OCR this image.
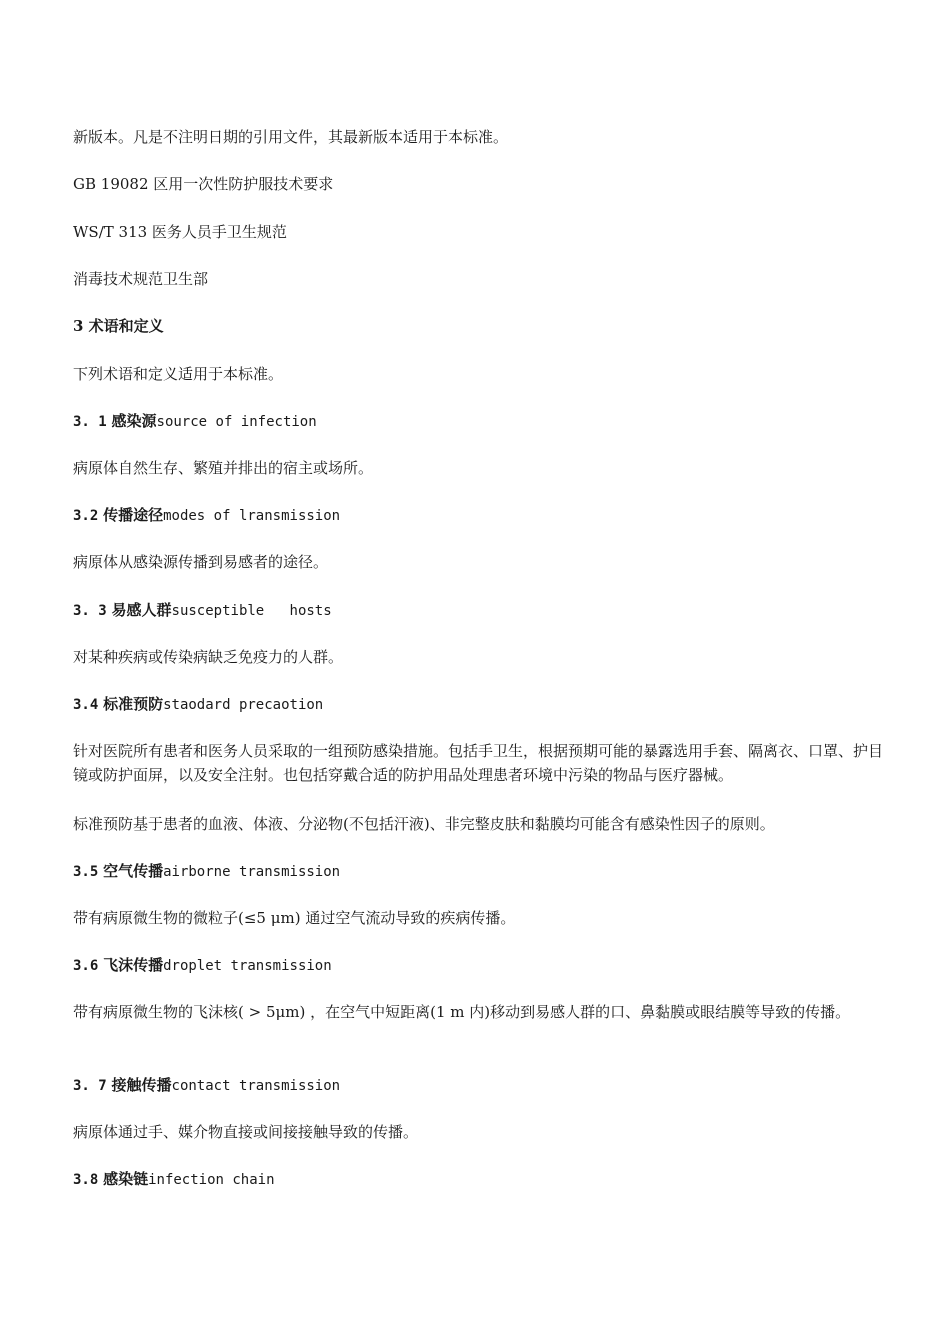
新版本。凡是不注明日期的引用文件，其最新版本适用于本标准。
GB 19082 区用一次性防护服技术要求
WS/T 313 医务人员手卫生规范
消毒技术规范卫生部
3 术语和定义
下列术语和定义适用于本标准。
3. 1 感染源source of infection
病原体自然生存、繁殖并排出的宿主或场所。
3.2 传播途径modes of lransmission
病原体从感染源传播到易感者的途径。
3. 3 易感人群susceptible   hosts
对某种疾病或传染病缺乏免疫力的人群。
3.4 标准预防staodard precaotion
针对医院所有患者和医务人员采取的一组预防感染措施。包括手卫生，根据预期可能的暴露选用手套、隔离衣、口罩、护目镜或防护面屏，以及安全注射。也包括穿戴合适的防护用品处理患者环境中污染的物品与医疗器械。
标准预防基于患者的血液、体液、分泌物(不包括汗液)、非完整皮肤和黏膜均可能含有感染性因子的原则。
3.5 空气传播airborne transmission
带有病原微生物的微粒子(≤5 μm) 通过空气流动导致的疾病传播。
3.6 飞沫传播droplet transmission
带有病原微生物的飞沫核( > 5μm) ，在空气中短距离(1 m 内)移动到易感人群的口、鼻黏膜或眼结膜等导致的传播。
3. 7 接触传播contact transmission
病原体通过手、媒介物直接或间接接触导致的传播。
3.8 感染链infection chain
